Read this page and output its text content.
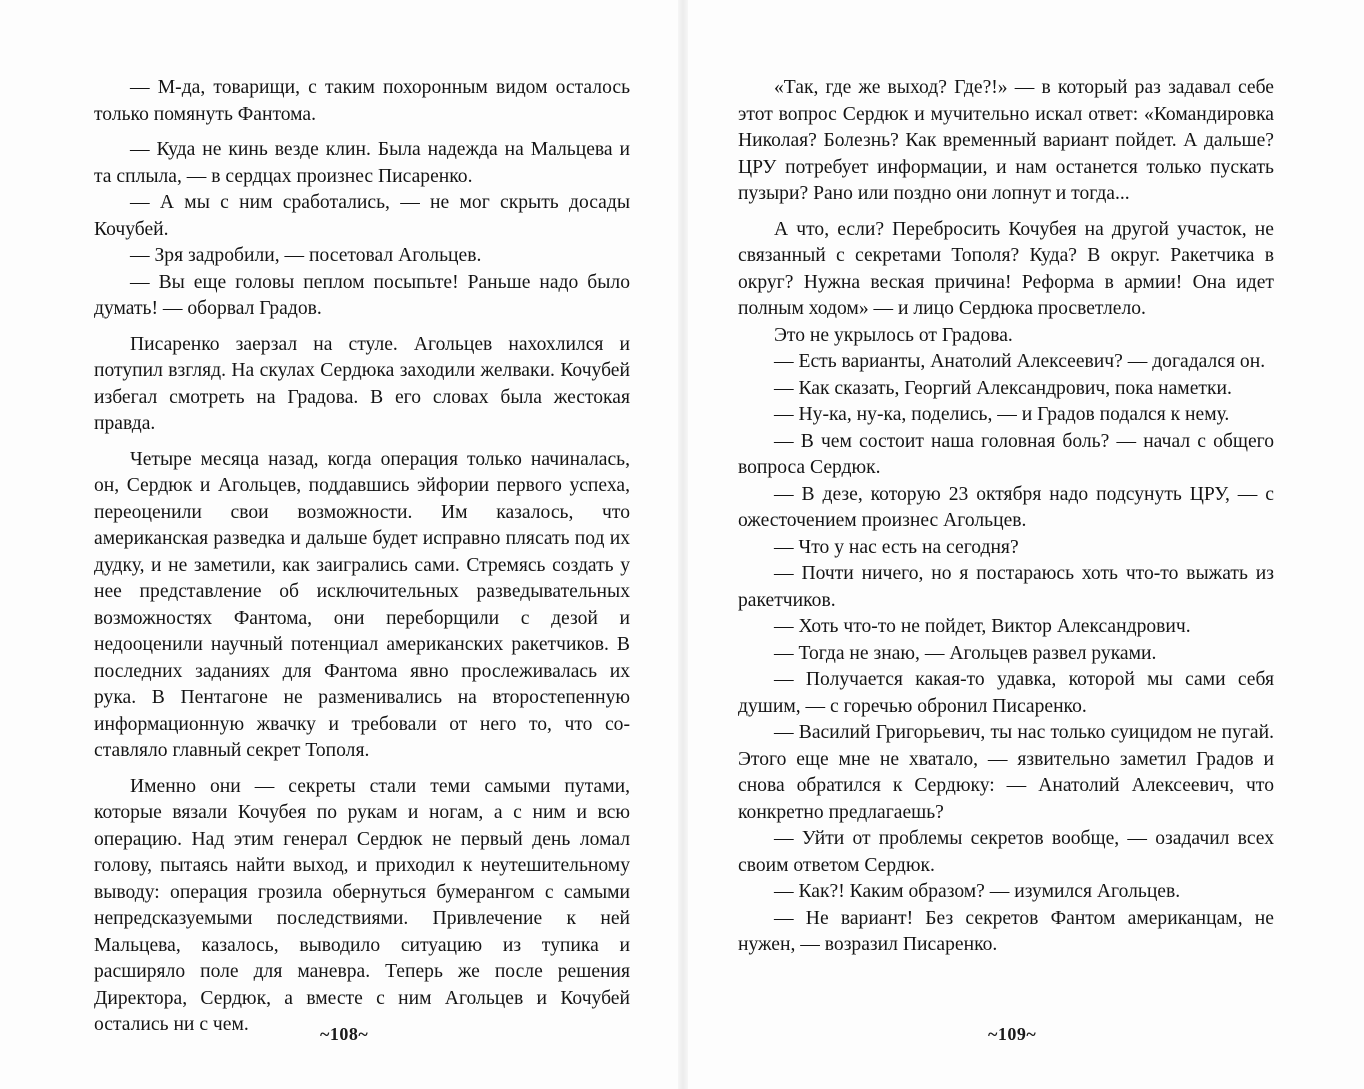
— М-да, товарищи, с таким похоронным видом осталось только помянуть Фантома.

— Куда не кинь везде клин. Была надежда на Мальцева и та сплыла, — в сердцах произнес Писаренко.

— А мы с ним сработались, — не мог скрыть досады Кочубей.

— Зря задробили, — посетовал Агольцев.

— Вы еще головы пеплом посыпьте! Раньше надо было думать! — оборвал Градов.

Писаренко заерзал на стуле. Агольцев нахохлился и потупил взгляд. На скулах Сердюка заходили желваки. Кочубей избегал смотреть на Градова. В его словах была жестокая правда.

Четыре месяца назад, когда операция только начиналась, он, Сердюк и Агольцев, поддавшись эйфории первого успеха, переоценили свои возможности. Им казалось, что американская разведка и дальше будет исправно плясать под их дудку, и не заметили, как заигрались сами. Стремясь создать у нее представление об исключительных разведывательных возможностях Фантома, они переборщили с дезой и недооценили научный потенциал американских ракетчиков. В последних заданиях для Фантома явно прослеживалась их рука. В Пентагоне не разменивались на второстепенную информационную жвачку и требовали от него то, что составляло главный секрет Тополя.

Именно они — секреты стали теми самыми путами, которые вязали Кочубея по рукам и ногам, а с ним и всю операцию. Над этим генерал Сердюк не первый день ломал голову, пытаясь найти выход, и приходил к неутешительному выводу: операция грозила обернуться бумерангом с самыми непредсказуемыми последствиями. Привлечение к ней Мальцева, казалось, выводило ситуацию из тупика и расширяло поле для маневра. Теперь же после решения Директора, Сердюк, а вместе с ним Агольцев и Кочубей остались ни с чем.

«Так, где же выход? Где?!» — в который раз задавал себе этот вопрос Сердюк и мучительно искал ответ: «Командировка Николая? Болезнь? Как временный вариант пойдет. А дальше? ЦРУ потребует информации, и нам останется только пускать пузыри? Рано или поздно они лопнут и тогда...

А что, если? Перебросить Кочубея на другой участок, не связанный с секретами Тополя? Куда? В округ. Ракетчика в округ? Нужна веская причина! Реформа в армии! Она идет полным ходом» — и лицо Сердюка просветлело.

Это не укрылось от Градова.

— Есть варианты, Анатолий Алексеевич? — догадался он.

— Как сказать, Георгий Александрович, пока наметки.

— Ну-ка, ну-ка, поделись, — и Градов подался к нему.

— В чем состоит наша головная боль? — начал с общего вопроса Сердюк.

— В дезе, которую 23 октября надо подсунуть ЦРУ, — с ожесточением произнес Агольцев.

— Что у нас есть на сегодня?

— Почти ничего, но я постараюсь хоть что-то выжать из ракетчиков.

— Хоть что-то не пойдет, Виктор Александрович.

— Тогда не знаю, — Агольцев развел руками.

— Получается какая-то удавка, которой мы сами себя душим, — с горечью обронил Писаренко.

— Василий Григорьевич, ты нас только суицидом не пугай. Этого еще мне не хватало, — язвительно заметил Градов и снова обратился к Сердюку: — Анатолий Алексеевич, что конкретно предлагаешь?

— Уйти от проблемы секретов вообще, — озадачил всех своим ответом Сердюк.

— Как?! Каким образом? — изумился Агольцев.

— Не вариант! Без секретов Фантом американцам, не нужен, — возразил Писаренко.

~108~	~109~
